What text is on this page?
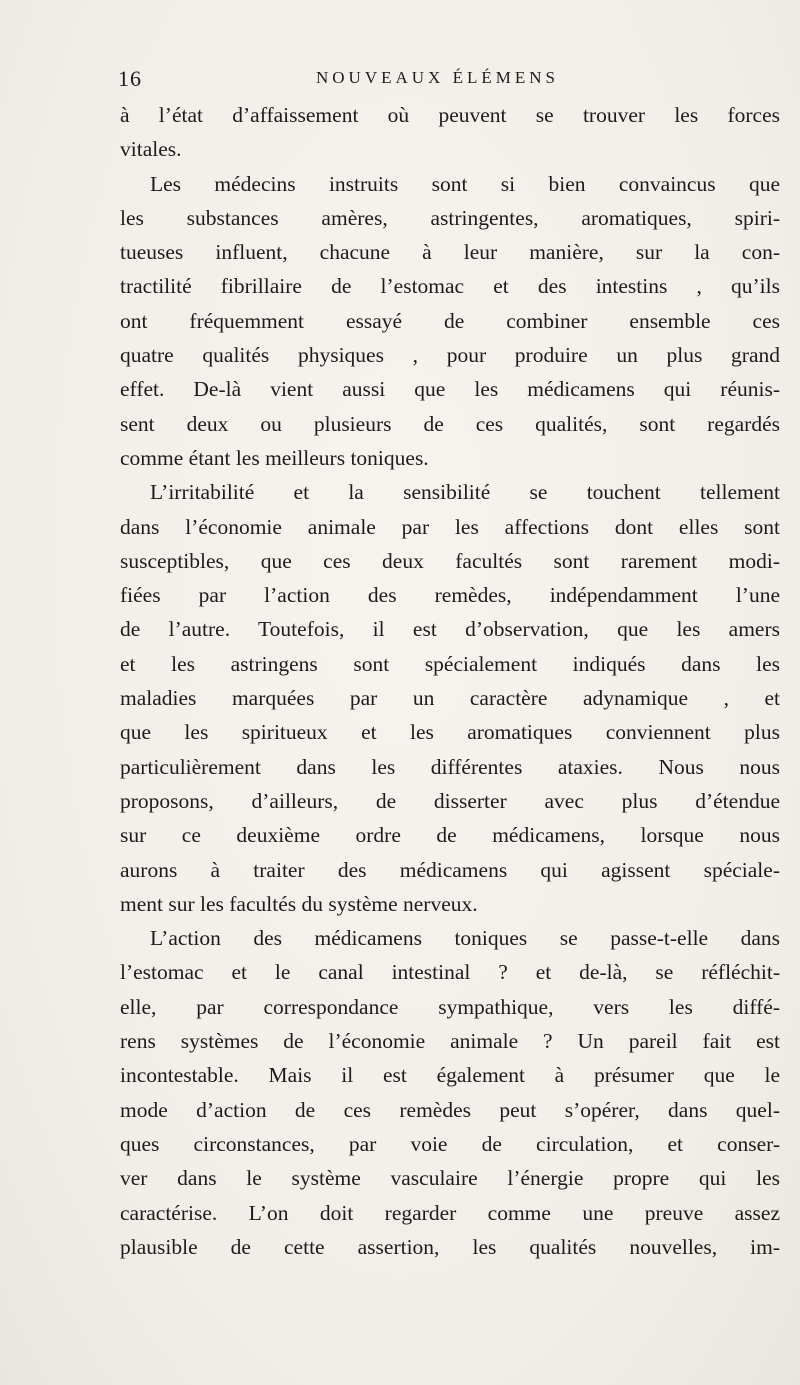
16	NOUVEAUX ÉLÉMENS
à l’état d’affaissement où peuvent se trouver les forces
vitales.
Les médecins instruits sont si bien convaincus que
les substances amères, astringentes, aromatiques, spiri-
tueuses influent, chacune à leur manière, sur la con-
tractilité fibrillaire de l’estomac et des intestins , qu’ils
ont fréquemment essayé de combiner ensemble ces
quatre qualités physiques , pour produire un plus grand
effet. De-là vient aussi que les médicamens qui réunis-
sent deux ou plusieurs de ces qualités, sont regardés
comme étant les meilleurs toniques.
L’irritabilité et la sensibilité se touchent tellement
dans l’économie animale par les affections dont elles sont
susceptibles, que ces deux facultés sont rarement modi-
fiées par l’action des remèdes, indépendamment l’une
de l’autre. Toutefois, il est d’observation, que les amers
et les astringens sont spécialement indiqués dans les
maladies marquées par un caractère adynamique , et
que les spiritueux et les aromatiques conviennent plus
particulièrement dans les différentes ataxies. Nous nous
proposons, d’ailleurs, de disserter avec plus d’étendue
sur ce deuxième ordre de médicamens, lorsque nous
aurons à traiter des médicamens qui agissent spéciale-
ment sur les facultés du système nerveux.
L’action des médicamens toniques se passe-t-elle dans
l’estomac et le canal intestinal ? et de-là, se réfléchit-
elle, par correspondance sympathique, vers les diffé-
rens systèmes de l’économie animale ? Un pareil fait est
incontestable. Mais il est également à présumer que le
mode d’action de ces remèdes peut s’opérer, dans quel-
ques circonstances, par voie de circulation, et conser-
ver dans le système vasculaire l’énergie propre qui les
caractérise. L’on doit regarder comme une preuve assez
plausible de cette assertion, les qualités nouvelles, im-
